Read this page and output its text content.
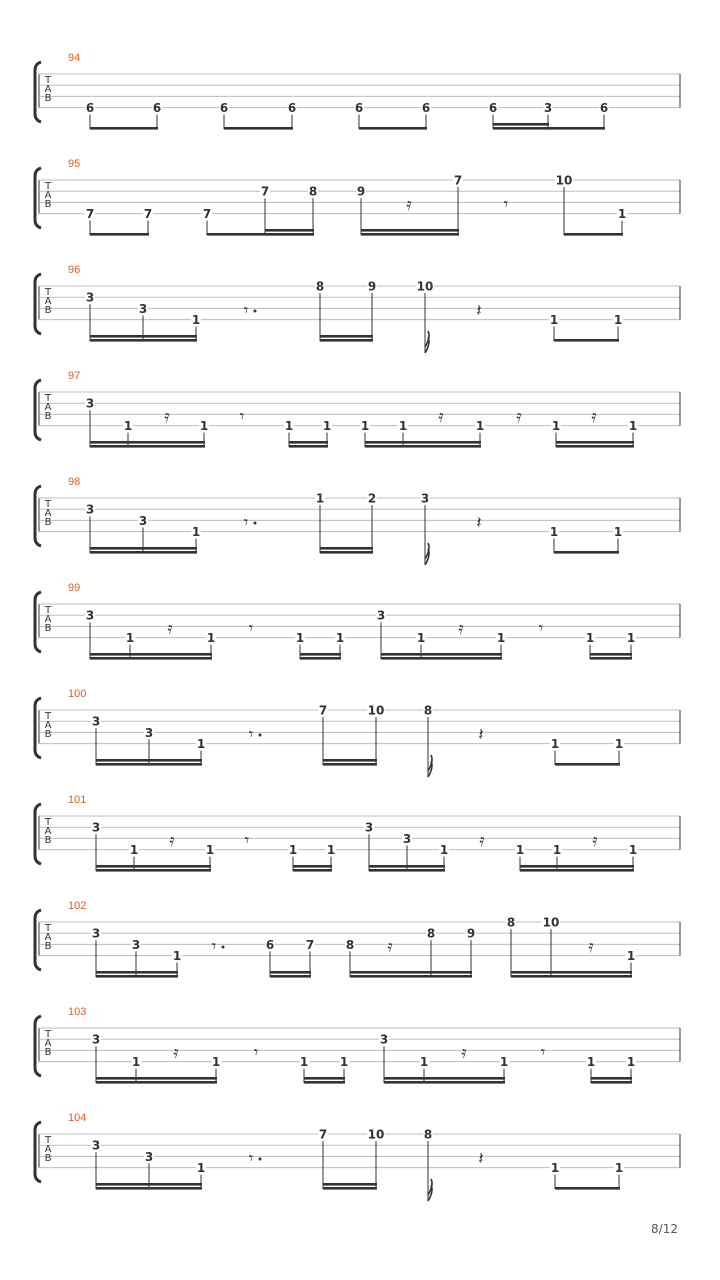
T
A
B
94
6	6	6	6	6	6	6	3	6
T
A
B
95
7	7	7
7	8	9
𝄿
7
𝄾
10
1
T
A
B
96
3
3
1	𝄾
8	9	10
𝄽	1	1
T
A
B
97
3
1 𝄿	1 𝄾	1 1 1 1 𝄿	1 𝄿	1 𝄿	1
T
A
B
98
3
3
1	𝄾
1	2	3
𝄽	1	1
T
A
B
99
3
1 𝄿	1 𝄾	1	1
3
1 𝄿	1 𝄾	1	1
T
A
B
100
3
3
1	𝄾
7	10	8
𝄽	1	1
T
A
B
101
3
1 𝄿	1 𝄾	1 1
3
3
1 𝄿	1 1 𝄿	1
T
A
B
102
3
3
1 𝄾	6	7	8 𝄿
8	9
8 10
𝄿	1
T
A
B
103
3
1 𝄿	1 𝄾	1	1
3
1 𝄿	1 𝄾	1	1
T
A
B
104
3
3
1	𝄾
7	10	8
𝄽	1	1
8/12
